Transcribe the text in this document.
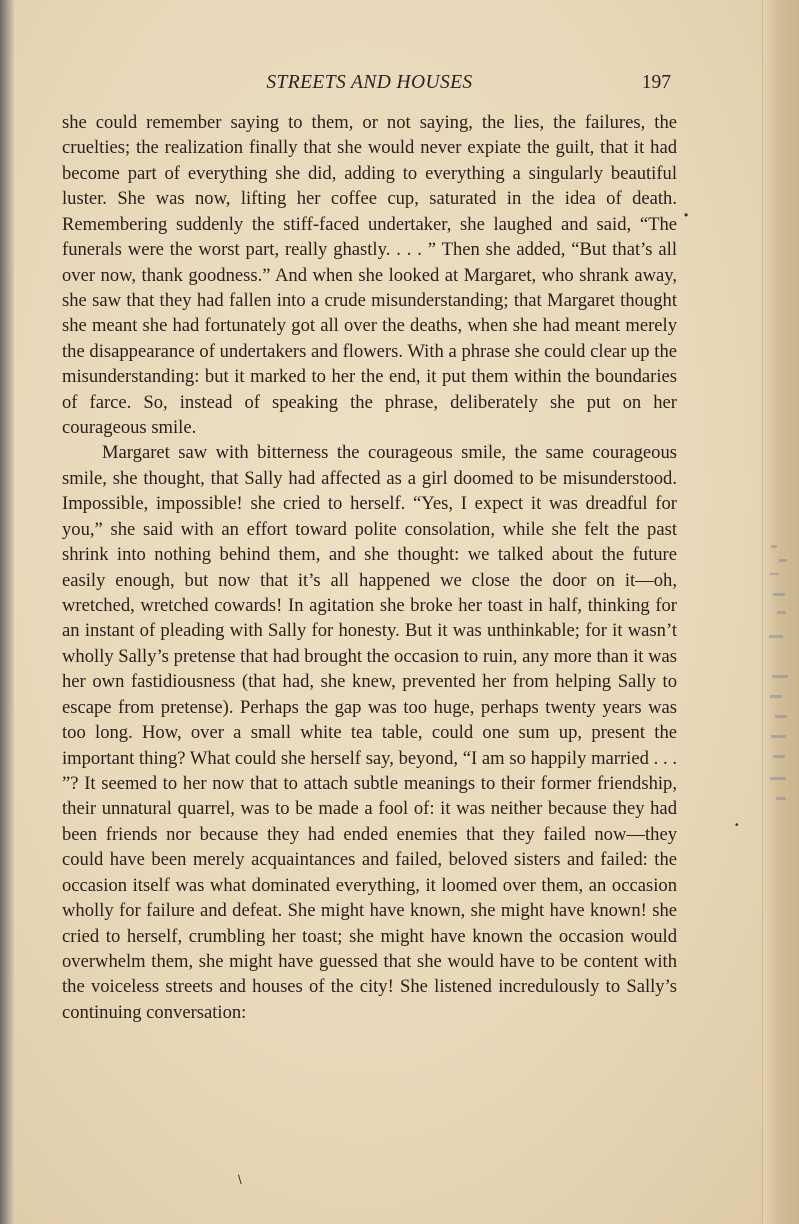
STREETS AND HOUSES	197

she could remember saying to them, or not saying, the lies, the failures, the cruelties; the realization finally that she would never expiate the guilt, that it had become part of everything she did, adding to everything a singularly beautiful luster. She was now, lifting her coffee cup, saturated in the idea of death. Remembering suddenly the stiff-faced undertaker, she laughed and said, “The funerals were the worst part, really ghastly. . . . ” Then she added, “But that’s all over now, thank goodness.” And when she looked at Margaret, who shrank away, she saw that they had fallen into a crude misunderstanding; that Margaret thought she meant she had fortunately got all over the deaths, when she had meant merely the disappearance of undertakers and flowers. With a phrase she could clear up the misunderstanding: but it marked to her the end, it put them within the boundaries of farce. So, instead of speaking the phrase, deliberately she put on her courageous smile.

Margaret saw with bitterness the courageous smile, the same courageous smile, she thought, that Sally had affected as a girl doomed to be misunderstood. Impossible, impossible! she cried to herself. “Yes, I expect it was dreadful for you,” she said with an effort toward polite consolation, while she felt the past shrink into nothing behind them, and she thought: we talked about the future easily enough, but now that it’s all happened we close the door on it—oh, wretched, wretched cowards! In agitation she broke her toast in half, thinking for an instant of pleading with Sally for honesty. But it was unthinkable; for it wasn’t wholly Sally’s pretense that had brought the occasion to ruin, any more than it was her own fastidiousness (that had, she knew, prevented her from helping Sally to escape from pretense). Perhaps the gap was too huge, perhaps twenty years was too long. How, over a small white tea table, could one sum up, present the important thing? What could she herself say, beyond, “I am so happily married . . . ”? It seemed to her now that to attach subtle meanings to their former friendship, their unnatural quarrel, was to be made a fool of: it was neither because they had been friends nor because they had ended enemies that they failed now—they could have been merely acquaintances and failed, beloved sisters and failed: the occasion itself was what dominated everything, it loomed over them, an occasion wholly for failure and defeat. She might have known, she might have known! she cried to herself, crumbling her toast; she might have known the occasion would overwhelm them, she might have guessed that she would have to be content with the voiceless streets and houses of the city! She listened incredulously to Sally’s continuing conversation:

•
•
\
